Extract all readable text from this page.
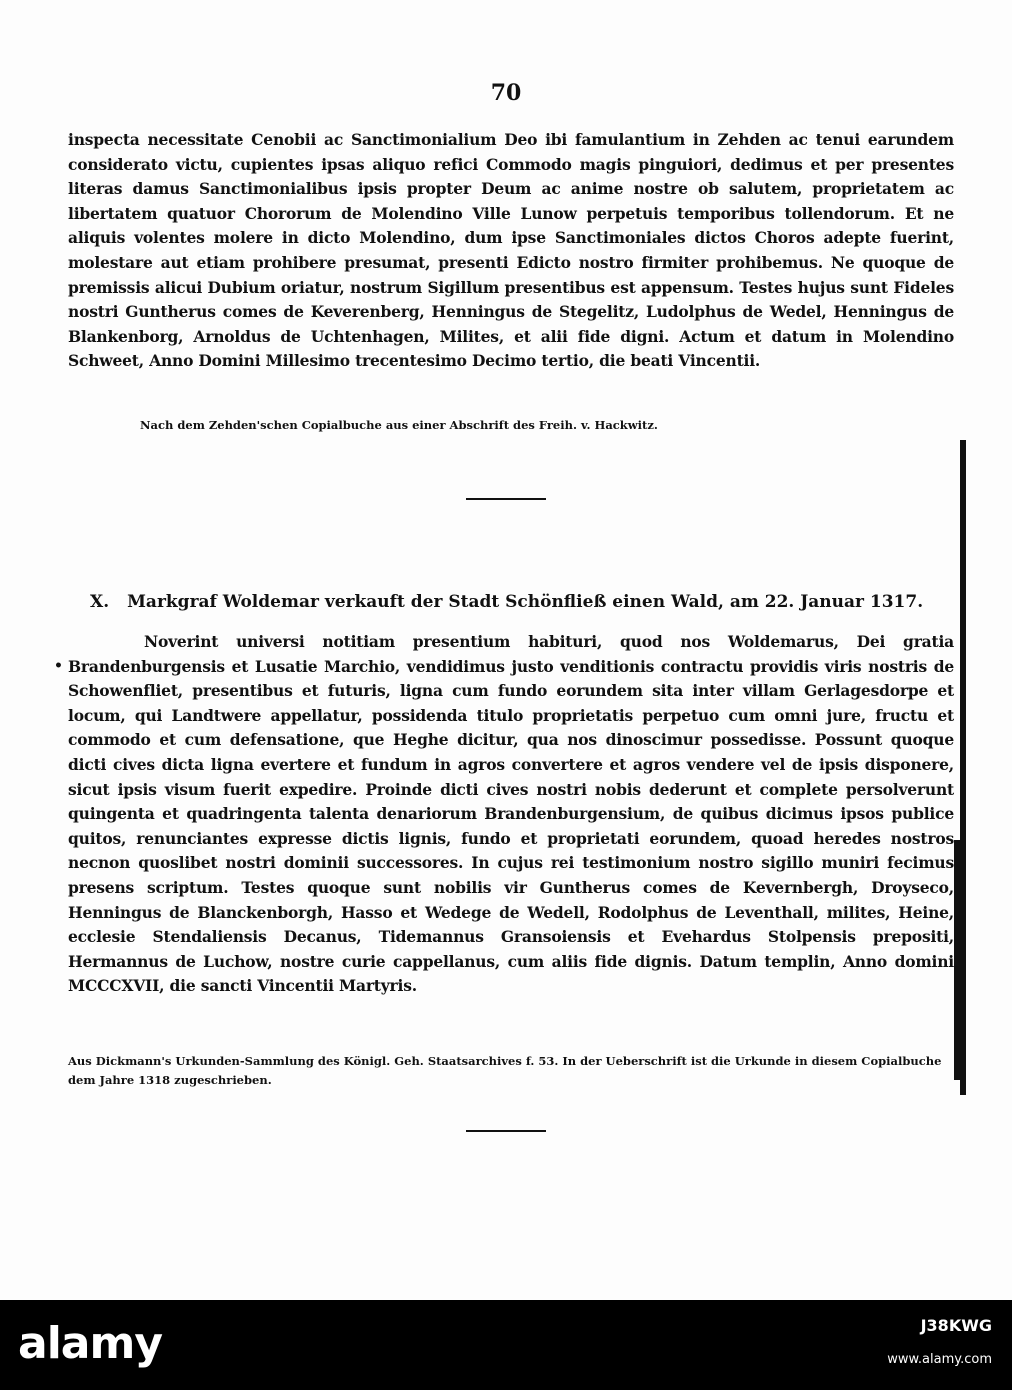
70

inspecta necessitate Cenobii ac Sanctimonialium Deo ibi famulantium in Zehden ac tenui earundem considerato victu, cupientes ipsas aliquo refici Commodo magis pinguiori, dedimus et per presentes literas damus Sanctimonialibus ipsis propter Deum ac anime nostre ob salutem, proprietatem ac libertatem quatuor Chororum de Molendino Ville Lunow perpetuis temporibus tollendorum. Et ne aliquis volentes molere in dicto Molendino, dum ipse Sanctimoniales dictos Choros adepte fuerint, molestare aut etiam prohibere presumat, presenti Edicto nostro firmiter prohibemus. Ne quoque de premissis alicui Dubium oriatur, nostrum Sigillum presentibus est appensum. Testes hujus sunt Fideles nostri Guntherus comes de Keverenberg, Henningus de Stegelitz, Ludolphus de Wedel, Henningus de Blankenborg, Arnoldus de Uchtenhagen, Milites, et alii fide digni. Actum et datum in Molendino Schweet, Anno Domini Millesimo trecentesimo Decimo tertio, die beati Vincentii.

Nach dem Zehden'schen Copialbuche aus einer Abschrift des Freih. v. Hackwitz.
X. Markgraf Woldemar verkauft der Stadt Schönfließ einen Wald, am 22. Januar 1317.

Noverint universi notitiam presentium habituri, quod nos Woldemarus, Dei gratia Brandenburgensis et Lusatie Marchio, vendidimus justo venditionis contractu providis viris nostris de Schowenfliet, presentibus et futuris, ligna cum fundo eorundem sita inter villam Gerlagesdorpe et locum, qui Landtwere appellatur, possidenda titulo proprietatis perpetuo cum omni jure, fructu et commodo et cum defensatione, que Heghe dicitur, qua nos dinoscimur possedisse. Possunt quoque dicti cives dicta ligna evertere et fundum in agros convertere et agros vendere vel de ipsis disponere, sicut ipsis visum fuerit expedire. Proinde dicti cives nostri nobis dederunt et complete persolverunt quingenta et quadringenta talenta denariorum Brandenburgensium, de quibus dicimus ipsos publice quitos, renunciantes expresse dictis lignis, fundo et proprietati eorundem, quoad heredes nostros necnon quoslibet nostri dominii successores. In cujus rei testimonium nostro sigillo muniri fecimus presens scriptum. Testes quoque sunt nobilis vir Guntherus comes de Kevernbergh, Droyseco, Henningus de Blanckenborgh, Hasso et Wedege de Wedell, Rodolphus de Leventhall, milites, Heine, ecclesie Stendaliensis Decanus, Tidemannus Gransoiensis et Evehardus Stolpensis prepositi, Hermannus de Luchow, nostre curie cappellanus, cum aliis fide dignis. Datum templin, Anno domini MCCCXVII, die sancti Vincentii Martyris.

•
Aus Dickmann's Urkunden-Sammlung des Königl. Geh. Staatsarchives f. 53. In der Ueberschrift ist die Urkunde in diesem Copialbuche dem Jahre 1318 zugeschrieben.
alamy	J38KWG
www.alamy.com
